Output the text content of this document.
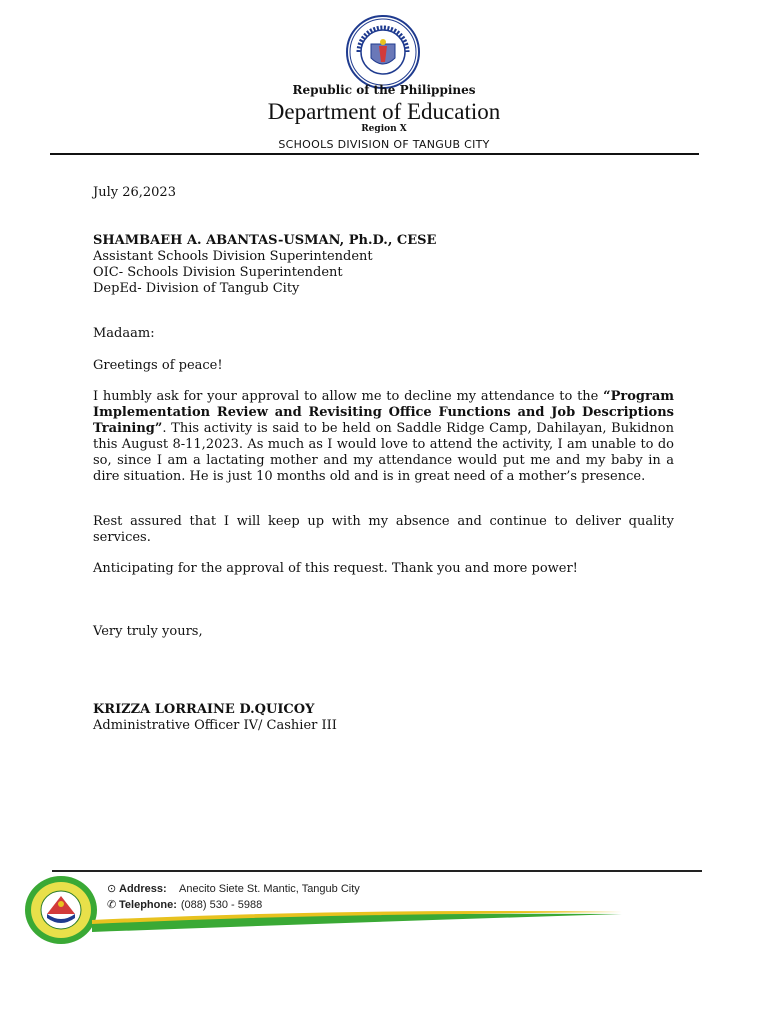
Republic of the Philippines
Department of Education
Region X
SCHOOLS DIVISION OF TANGUB CITY
July 26,2023
SHAMBAEH A. ABANTAS-USMAN, Ph.D., CESE
Assistant Schools Division Superintendent
OIC- Schools Division Superintendent
DepEd- Division of Tangub City
Madaam:
Greetings of peace!
I humbly ask for your approval to allow me to decline my attendance to the “Program Implementation Review and Revisiting Office Functions and Job Descriptions Training”. This activity is said to be held on Saddle Ridge Camp, Dahilayan, Bukidnon this August 8-11,2023. As much as I would love to attend the activity, I am unable to do so, since I am a lactating mother and my attendance would put me and my baby in a dire situation. He is just 10 months old and is in great need of a mother’s presence.
Rest assured that I will keep up with my absence and continue to deliver quality services.
Anticipating for the approval of this request. Thank you and more power!
Very truly yours,
KRIZZA LORRAINE D.QUICOY
Administrative Officer IV/ Cashier III
⊙ Address:	Anecito Siete St. Mantic, Tangub City
✆ Telephone: (088) 530 - 5988
